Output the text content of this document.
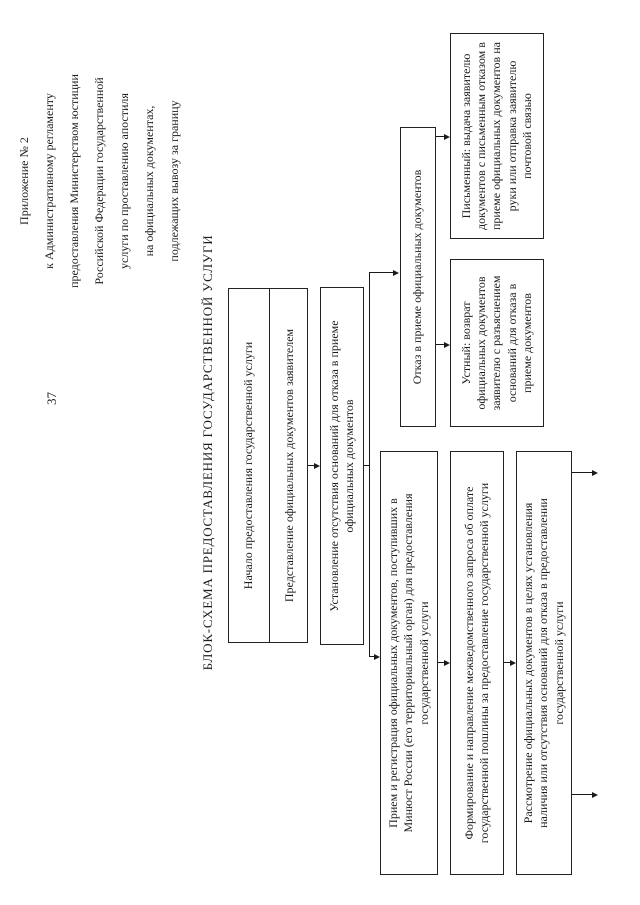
Приложение № 2 к Административному регламенту предоставления Министерством юстиции Российской Федерации государственной услуги по проставлению апостиля на официальных документах, подлежащих вывозу за границу
37	БЛОК-СХЕМА ПРЕДОСТАВЛЕНИЯ ГОСУДАРСТВЕННОЙ УСЛУГИ	Начало предоставления государственной услуги	Представление официальных документов заявителем	Установление отсутствия оснований для отказа в приеме официальных документов
Прием и регистрация официальных документов, поступивших в Минюст России (его территориальный орган) для предоставления государственной услуги	Формирование и направление межведомственного запроса об оплате государственной пошлины за предоставление государственной услуги	Рассмотрение официальных документов в целях установления наличия или отсутствия оснований для отказа в предоставлении государственной услуги
Отказ в приеме официальных документов	Устный: возврат официальных документов заявителю с разъяснением оснований для отказа в приеме документов
Письменный: выдача заявителю документов с письменным отказом в приеме официальных документов на руки или отправка заявителю почтовой связью
